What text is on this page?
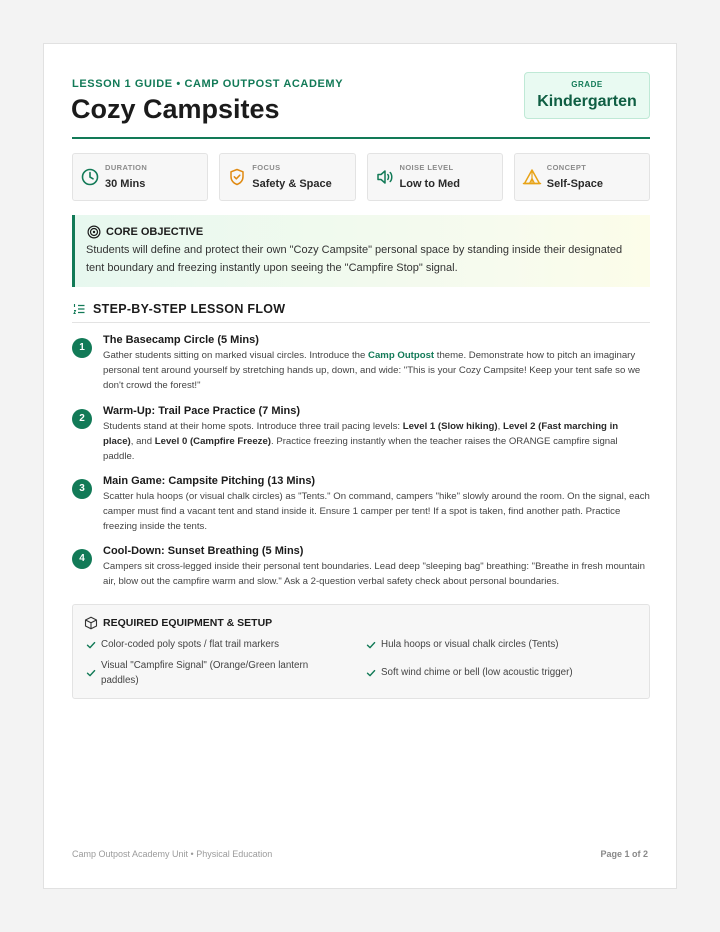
LESSON 1 GUIDE • CAMP OUTPOST ACADEMY
Cozy Campsites
GRADE
Kindergarten
DURATION
30 Mins
FOCUS
Safety & Space
NOISE LEVEL
Low to Med
CONCEPT
Self-Space
CORE OBJECTIVE
Students will define and protect their own "Cozy Campsite" personal space by standing inside their designated tent boundary and freezing instantly upon seeing the "Campfire Stop" signal.
STEP-BY-STEP LESSON FLOW
1
The Basecamp Circle (5 Mins)
Gather students sitting on marked visual circles. Introduce the Camp Outpost theme. Demonstrate how to pitch an imaginary personal tent around yourself by stretching hands up, down, and wide: "This is your Cozy Campsite! Keep your tent safe so we don't crowd the forest!"
2
Warm-Up: Trail Pace Practice (7 Mins)
Students stand at their home spots. Introduce three trail pacing levels: Level 1 (Slow hiking), Level 2 (Fast marching in place), and Level 0 (Campfire Freeze). Practice freezing instantly when the teacher raises the ORANGE campfire signal paddle.
3
Main Game: Campsite Pitching (13 Mins)
Scatter hula hoops (or visual chalk circles) as "Tents." On command, campers "hike" slowly around the room. On the signal, each camper must find a vacant tent and stand inside it. Ensure 1 camper per tent! If a spot is taken, find another path. Practice freezing inside the tents.
4
Cool-Down: Sunset Breathing (5 Mins)
Campers sit cross-legged inside their personal tent boundaries. Lead deep "sleeping bag" breathing: "Breathe in fresh mountain air, blow out the campfire warm and slow." Ask a 2-question verbal safety check about personal boundaries.
REQUIRED EQUIPMENT & SETUP
Color-coded poly spots / flat trail markers	Hula hoops or visual chalk circles (Tents)
Visual "Campfire Signal" (Orange/Green lantern paddles)
Soft wind chime or bell (low acoustic trigger)
Camp Outpost Academy Unit • Physical Education	Page 1 of 2
